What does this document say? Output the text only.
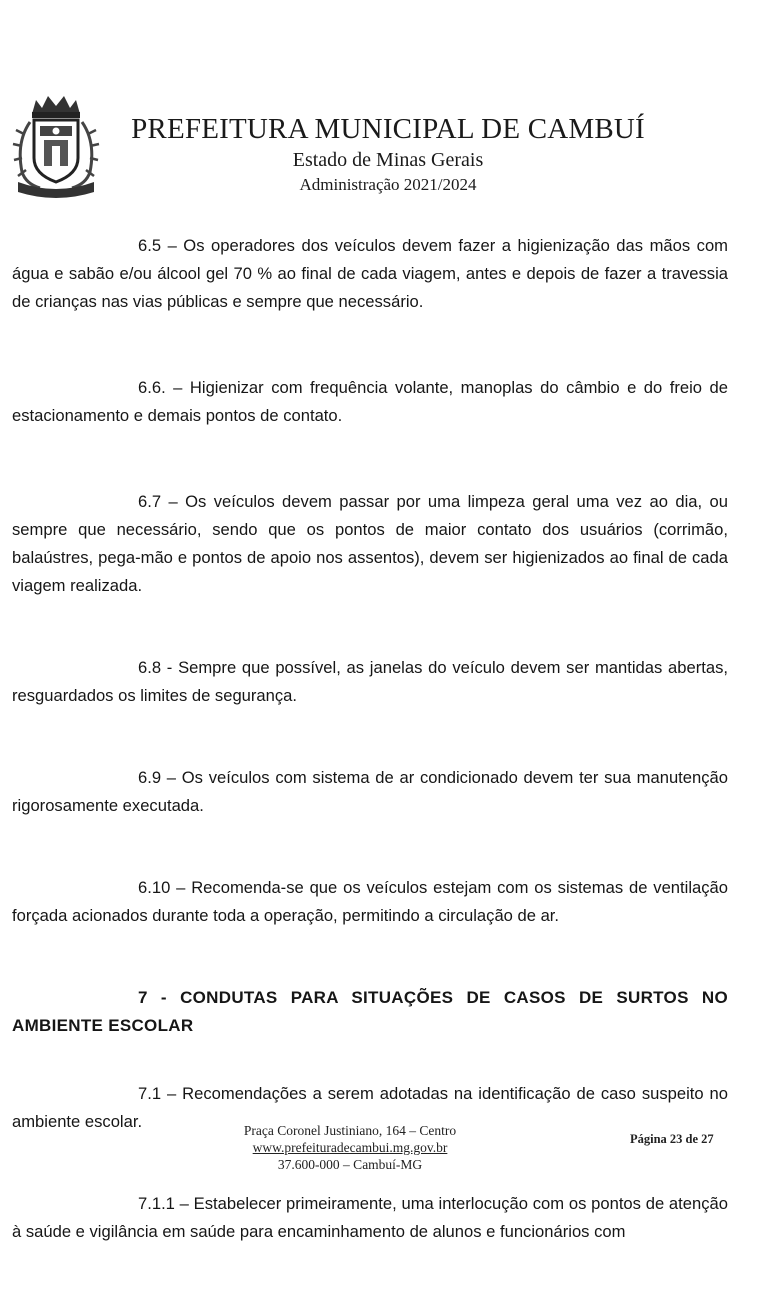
PREFEITURA MUNICIPAL DE CAMBUÍ
Estado de Minas Gerais
Administração 2021/2024

6.5 – Os operadores dos veículos devem fazer a higienização das mãos com água e sabão e/ou álcool gel 70 % ao final de cada viagem, antes e depois de fazer a travessia de crianças nas vias públicas e sempre que necessário.

6.6. – Higienizar com frequência volante, manoplas do câmbio e do freio de estacionamento e demais pontos de contato.

6.7 – Os veículos devem passar por uma limpeza geral uma vez ao dia, ou sempre que necessário, sendo que os pontos de maior contato dos usuários (corrimão, balaústres, pega-mão e pontos de apoio nos assentos), devem ser higienizados ao final de cada viagem realizada.

6.8 - Sempre que possível, as janelas do veículo devem ser mantidas abertas, resguardados os limites de segurança.

6.9 – Os veículos com sistema de ar condicionado devem ter sua manutenção rigorosamente executada.

6.10 – Recomenda-se que os veículos estejam com os sistemas de ventilação forçada acionados durante toda a operação, permitindo a circulação de ar.

7 - CONDUTAS PARA SITUAÇÕES DE CASOS DE SURTOS NO AMBIENTE ESCOLAR

7.1 – Recomendações a serem adotadas na identificação de caso suspeito no ambiente escolar.

7.1.1 – Estabelecer primeiramente, uma interlocução com os pontos de atenção à saúde e vigilância em saúde para encaminhamento de alunos e funcionários com

Praça Coronel Justiniano, 164 – Centro
www.prefeituradecambui.mg.gov.br
37.600-000 – Cambuí-MG
Página 23 de 27
